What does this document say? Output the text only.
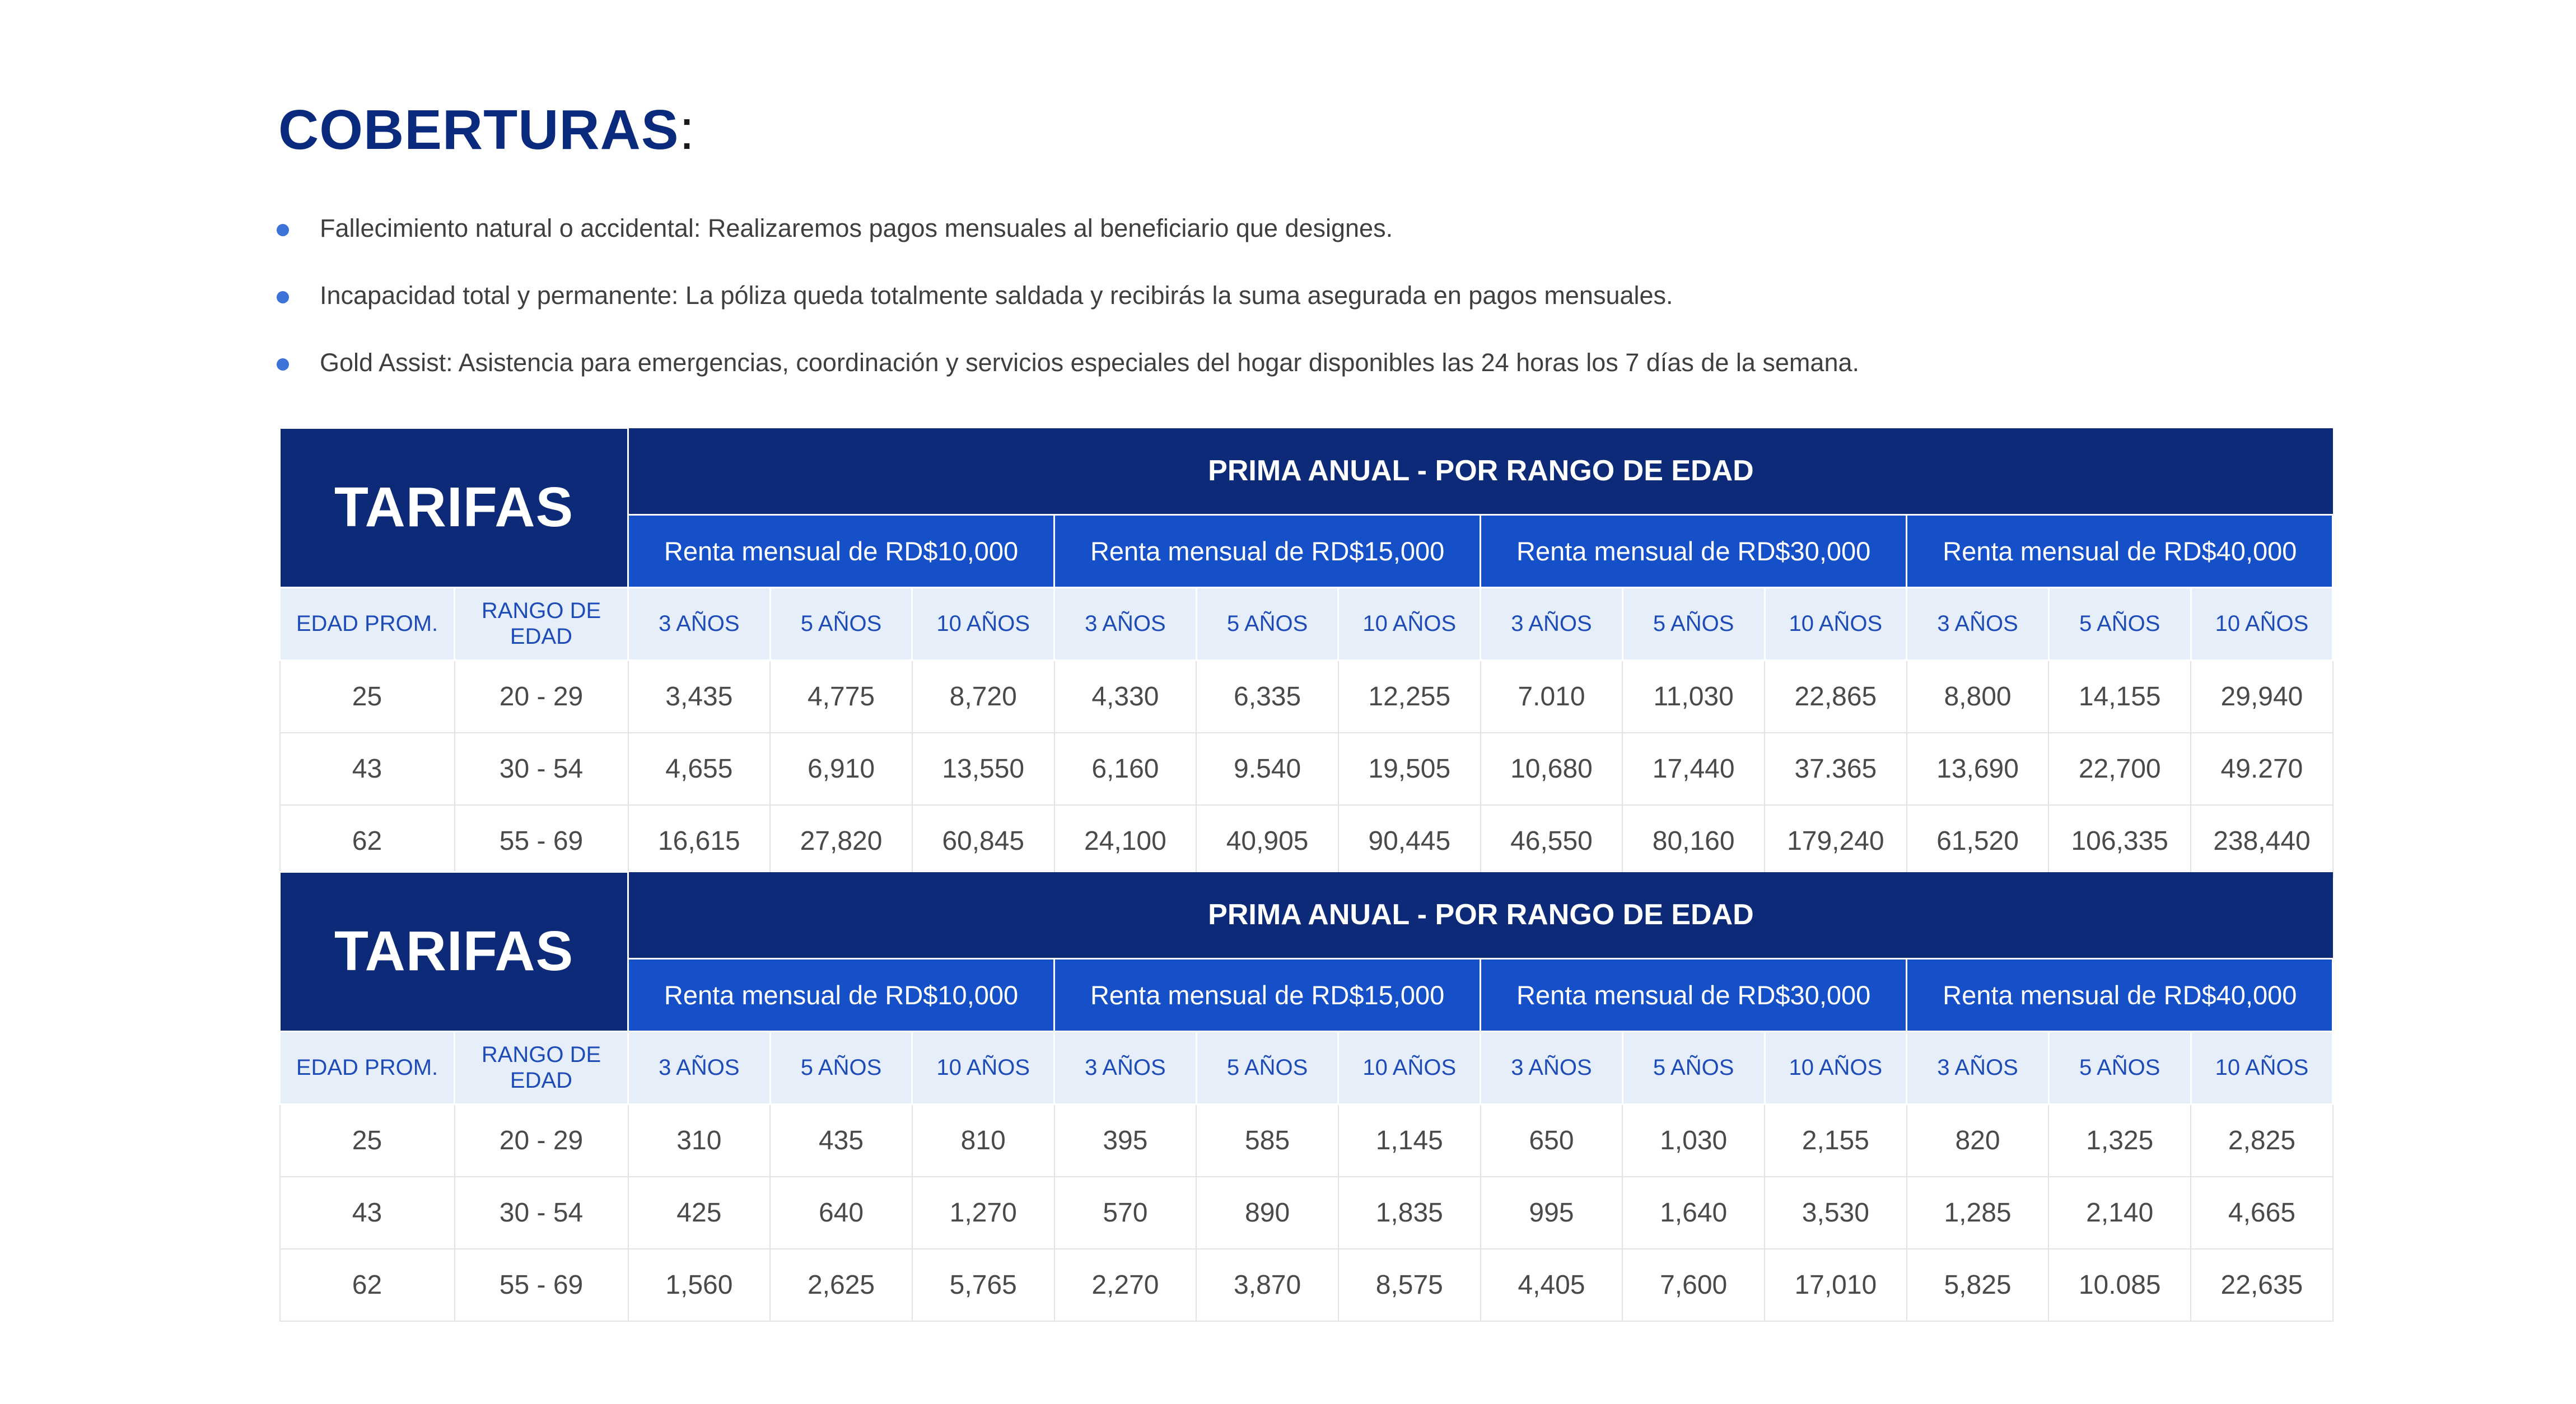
COBERTURAS:
Fallecimiento natural o accidental: Realizaremos pagos mensuales al beneficiario que designes.
Incapacidad total y permanente: La póliza queda totalmente saldada y recibirás la suma asegurada en pagos mensuales.
Gold Assist: Asistencia para emergencias, coordinación y servicios especiales del hogar disponibles las 24 horas los 7 días de la semana.
TARIFAS		PRIMA ANUAL - POR RANGO DE EDAD											
		Renta mensual de RD$10,000			Renta mensual de RD$15,000			Renta mensual de RD$30,000			Renta mensual de RD$40,000		
EDAD PROM.	RANGO DE EDAD	3 AÑOS	5 AÑOS	10 AÑOS	3 AÑOS	5 AÑOS	10 AÑOS	3 AÑOS	5 AÑOS	10 AÑOS	3 AÑOS	5 AÑOS	10 AÑOS
25	20 - 29	3,435	4,775	8,720	4,330	6,335	12,255	7.010	11,030	22,865	8,800	14,155	29,940
43	30 - 54	4,655	6,910	13,550	6,160	9.540	19,505	10,680	17,440	37.365	13,690	22,700	49.270
62	55 - 69	16,615	27,820	60,845	24,100	40,905	90,445	46,550	80,160	179,240	61,520	106,335	238,440
TARIFAS		PRIMA ANUAL - POR RANGO DE EDAD											
		Renta mensual de RD$10,000			Renta mensual de RD$15,000			Renta mensual de RD$30,000			Renta mensual de RD$40,000		
EDAD PROM.	RANGO DE EDAD	3 AÑOS	5 AÑOS	10 AÑOS	3 AÑOS	5 AÑOS	10 AÑOS	3 AÑOS	5 AÑOS	10 AÑOS	3 AÑOS	5 AÑOS	10 AÑOS
25	20 - 29	310	435	810	395	585	1,145	650	1,030	2,155	820	1,325	2,825
43	30 - 54	425	640	1,270	570	890	1,835	995	1,640	3,530	1,285	2,140	4,665
62	55 - 69	1,560	2,625	5,765	2,270	3,870	8,575	4,405	7,600	17,010	5,825	10.085	22,635
